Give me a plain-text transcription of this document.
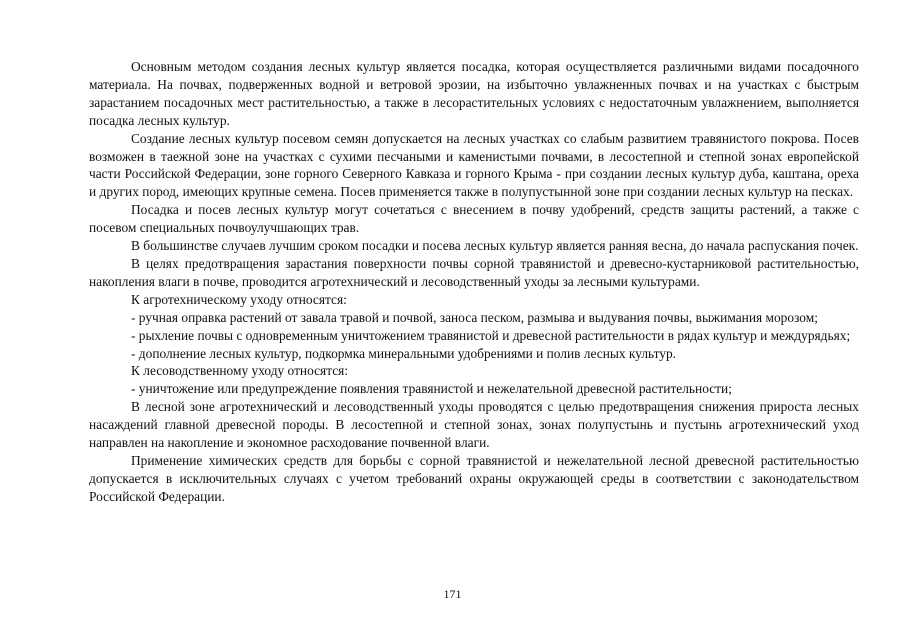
Основным методом создания лесных культур является посадка, которая осуществляется различными видами посадочного материала. На почвах, подверженных водной и ветровой эрозии, на избыточно увлажненных почвах и на участках с быстрым зарастанием посадочных мест растительностью, а также в лесорастительных условиях с недостаточным увлажнением, выполняется посадка лесных культур.

Создание лесных культур посевом семян допускается на лесных участках со слабым развитием травянистого покрова. Посев возможен в таежной зоне на участках с сухими песчаными и каменистыми почвами, в лесостепной и степной зонах европейской части Российской Федерации, зоне горного Северного Кавказа и горного Крыма - при создании лесных культур дуба, каштана, ореха и других пород, имеющих крупные семена. Посев применяется также в полупустынной зоне при создании лесных культур на песках.

Посадка и посев лесных культур могут сочетаться с внесением в почву удобрений, средств защиты растений, а также с посевом специальных почвоулучшающих трав.

В большинстве случаев лучшим сроком посадки и посева лесных культур является ранняя весна, до начала распускания почек.

В целях предотвращения зарастания поверхности почвы сорной травянистой и древесно-кустарниковой растительностью, накопления влаги в почве, проводится агротехнический и лесоводственный уходы за лесными культурами.

К агротехническому уходу относятся:

- ручная оправка растений от завала травой и почвой, заноса песком, размыва и выдувания почвы, выжимания морозом;

- рыхление почвы с одновременным уничтожением травянистой и древесной растительности в рядах культур и междурядьях;

- дополнение лесных культур, подкормка минеральными удобрениями и полив лесных культур.

К лесоводственному уходу относятся:

- уничтожение или предупреждение появления травянистой и нежелательной древесной растительности;

В лесной зоне агротехнический и лесоводственный уходы проводятся с целью предотвращения снижения прироста лесных насаждений главной древесной породы. В лесостепной и степной зонах, зонах полупустынь и пустынь агротехнический уход направлен на накопление и экономное расходование почвенной влаги.

Применение химических средств для борьбы с сорной травянистой и нежелательной лесной древесной растительностью допускается в исключительных случаях с учетом требований охраны окружающей среды в соответствии с законодательством Российской Федерации.

171
